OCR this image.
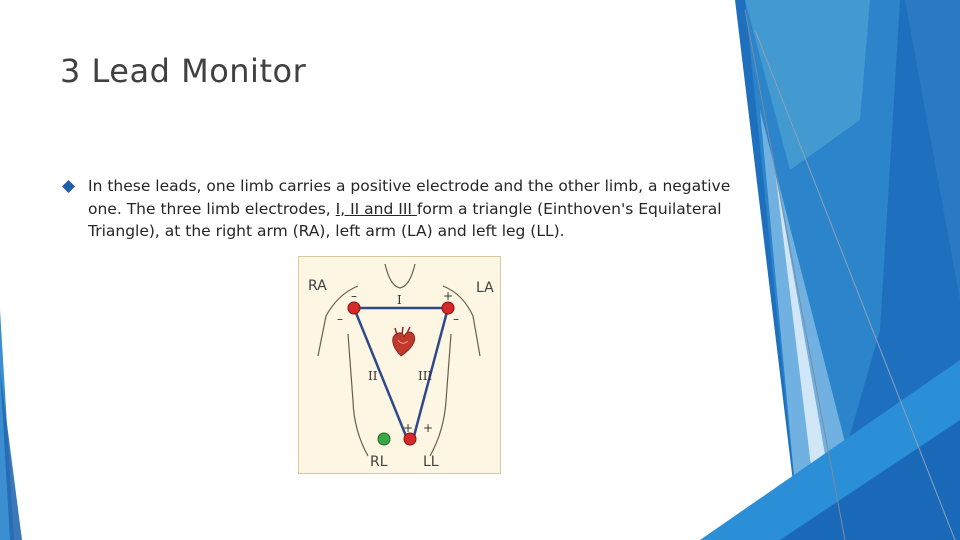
3 Lead Monitor
In these leads, one limb carries a positive electrode and the other limb, a negative one. The three limb electrodes, I, II and III form a triangle (Einthoven's Equilateral Triangle), at the right arm (RA), left arm (LA) and left leg (LL).
RA	LA
RL	LL
I
II	III
–
–
+
–
+ +
